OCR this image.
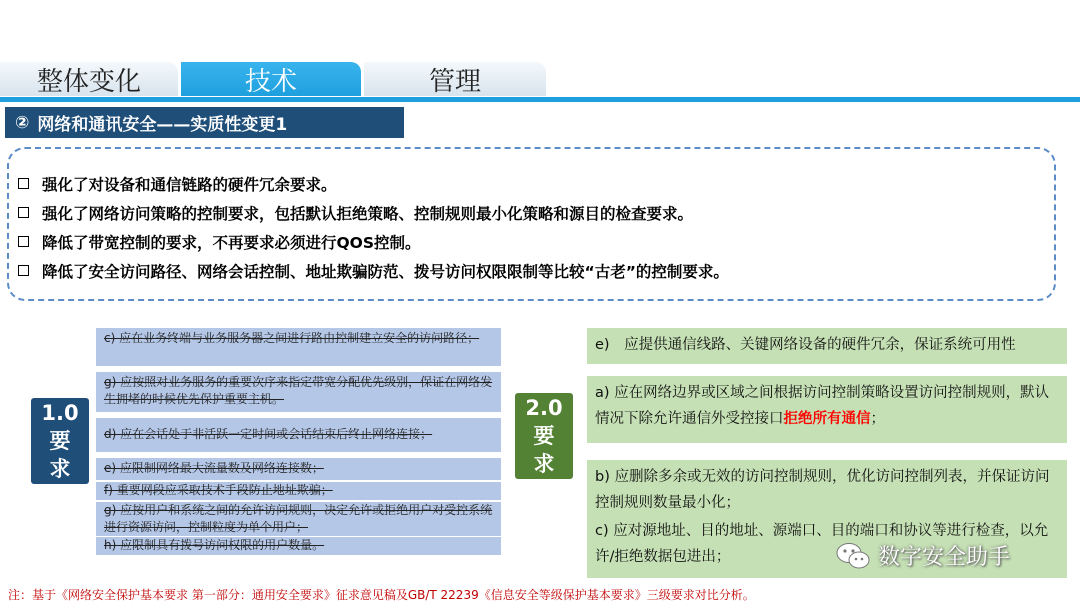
整体变化	技术	管理
② 网络和通讯安全——实质性变更1
强化了对设备和通信链路的硬件冗余要求。
强化了网络访问策略的控制要求，包括默认拒绝策略、控制规则最小化策略和源目的检查要求。
降低了带宽控制的要求，不再要求必须进行QOS控制。
降低了安全访问路径、网络会话控制、地址欺骗防范、拨号访问权限限制等比较“古老”的控制要求。
1.0
要
求
c) 应在业务终端与业务服务器之间进行路由控制建立安全的访问路径；
g) 应按照对业务服务的重要次序来指定带宽分配优先级别，保证在网络发生拥堵的时候优先保护重要主机。
d) 应在会话处于非活跃一定时间或会话结束后终止网络连接；
e) 应限制网络最大流量数及网络连接数；
f) 重要网段应采取技术手段防止地址欺骗；
g) 应按用户和系统之间的允许访问规则，决定允许或拒绝用户对受控系统进行资源访问，控制粒度为单个用户；
h) 应限制具有拨号访问权限的用户数量。
2.0
要
求
e)　应提供通信线路、关键网络设备的硬件冗余，保证系统可用性
a) 应在网络边界或区域之间根据访问控制策略设置访问控制规则，默认情况下除允许通信外受控接口拒绝所有通信；
b) 应删除多余或无效的访问控制规则，优化访问控制列表，并保证访问控制规则数量最小化；
c) 应对源地址、目的地址、源端口、目的端口和协议等进行检查，以允许/拒绝数据包进出；	数字安全助手
注：基于《网络安全保护基本要求 第一部分：通用安全要求》征求意见稿及GB/T 22239《信息安全等级保护基本要求》三级要求对比分析。
